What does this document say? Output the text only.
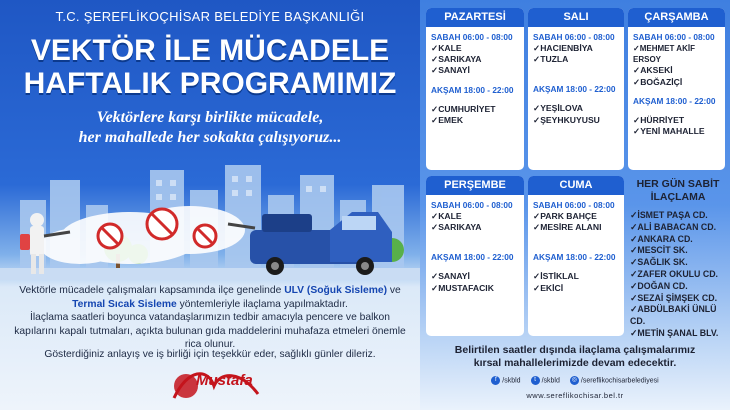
T.C. ŞEREFLİKOÇHİSAR BELEDİYE BAŞKANLIĞI
VEKTÖR İLE MÜCADELE
HAFTALIK PROGRAMIMIZ
Vektörlere karşı birlikte mücadele,
her mahallede her sokakta çalışıyoruz...
Vektörle mücadele çalışmaları kapsamında ilçe genelinde ULV (Soğuk Sisleme) ve
Termal Sıcak Sisleme yöntemleriyle ilaçlama yapılmaktadır.
İlaçlama saatleri boyunca vatandaşlarımızın tedbir amacıyla pencere ve balkon kapılarını kapalı tutmaları, açıkta bulunan gıda maddelerini muhafaza etmeleri önemle rica olunur.
Gösterdiğiniz anlayış ve iş birliği için teşekkür eder, sağlıklı günler dileriz.
Mustafa
PAZARTESİ
SABAH 06:00 - 08:00
✓KALE
✓SARIKAYA
✓SANAYİ
AKŞAM 18:00 - 22:00
✓CUMHURİYET
✓EMEK
SALI
SABAH 06:00 - 08:00
✓HACIENBİYA
✓TUZLA
AKŞAM 18:00 - 22:00
✓YEŞİLOVA
✓ŞEYHKUYUSU
ÇARŞAMBA
SABAH 06:00 - 08:00
✓MEHMET AKİF ERSOY
✓AKSEKİ
✓BOĞAZİÇİ
AKŞAM 18:00 - 22:00
✓HÜRRİYET
✓YENİ MAHALLE
PERŞEMBE
SABAH 06:00 - 08:00
✓KALE
✓SARIKAYA
AKŞAM 18:00 - 22:00
✓SANAYİ
✓MUSTAFACIK
CUMA
SABAH 06:00 - 08:00
✓PARK BAHÇE
✓MESİRE ALANI
AKŞAM 18:00 - 22:00
✓İSTİKLAL
✓EKİCİ
HER GÜN SABİT
İLAÇLAMA
✓İSMET PAŞA CD.
✓ALİ BABACAN CD.
✓ANKARA CD.
✓MESCİT SK.
✓SAĞLIK SK.
✓ZAFER OKULU CD.
✓DOĞAN CD.
✓SEZAİ ŞİMŞEK CD.
✓ABDÜLBAKİ ÜNLÜ CD.
✓METİN ŞANAL BLV.
Belirtilen saatler dışında ilaçlama çalışmalarımız
kırsal mahallelerimizde devam edecektir.
f /skbld	t /skbld	◎ /sereflikochisarbelediyesi
www.sereflikochisar.bel.tr
